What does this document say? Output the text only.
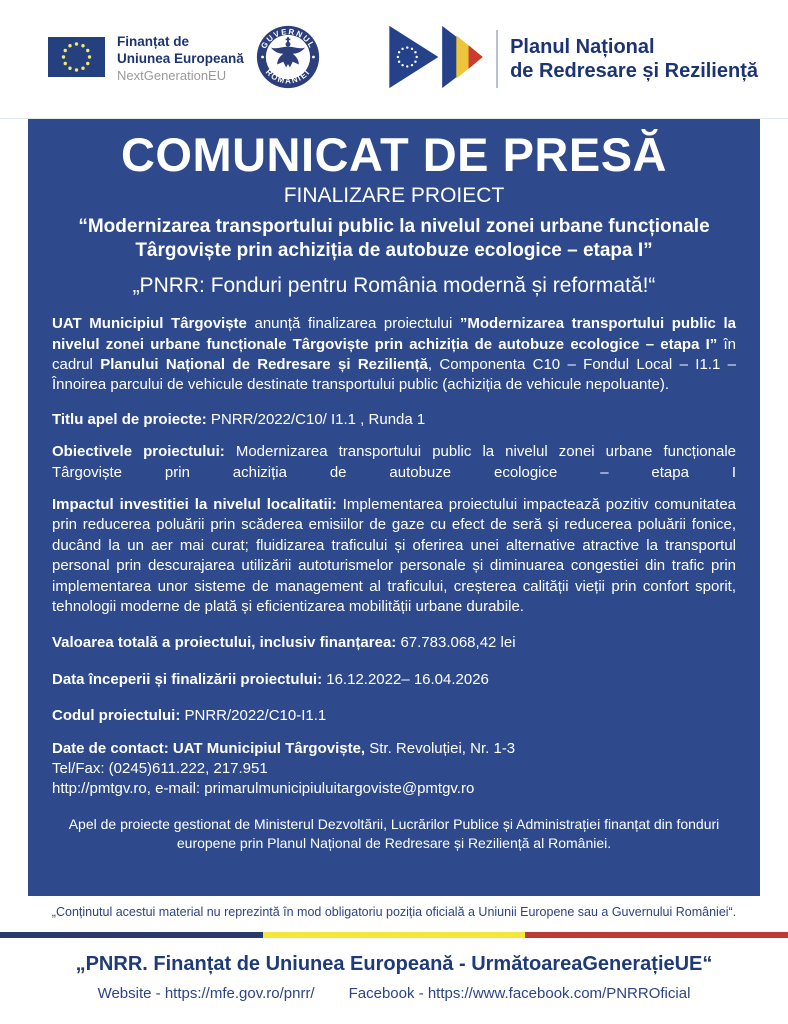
Finanțat de
Uniunea Europeană
NextGenerationEU
GUVERNUL
ROMÂNIEI
Planul Național
de Redresare și Reziliență
COMUNICAT DE PRESĂ
FINALIZARE PROIECT
“Modernizarea transportului public la nivelul zonei urbane funcționale Târgoviște prin achiziția de autobuze ecologice – etapa I”
„PNRR: Fonduri pentru România modernă și reformată!“

UAT Municipiul Târgoviște anunță finalizarea proiectului ”Modernizarea transportului public la nivelul zonei urbane funcționale Târgoviște prin achiziția de autobuze ecologice – etapa I” în cadrul Planului Național de Redresare și Reziliență, Componenta C10 – Fondul Local – I1.1 – Înnoirea parcului de vehicule destinate transportului public (achiziția de vehicule nepoluante).

Titlu apel de proiecte: PNRR/2022/C10/ I1.1 , Runda 1

Obiectivele proiectului: Modernizarea transportului public la nivelul zonei urbane funcționale Târgoviște prin achiziția de autobuze ecologice – etapa I

Impactul investitiei la nivelul localitatii: Implementarea proiectului impactează pozitiv comunitatea prin reducerea poluării prin scăderea emisiilor de gaze cu efect de seră și reducerea poluării fonice, ducând la un aer mai curat; fluidizarea traficului și oferirea unei alternative atractive la transportul personal prin descurajarea utilizării autoturismelor personale și diminuarea congestiei din trafic prin implementarea unor sisteme de management al traficului, creșterea calității vieții prin confort sporit, tehnologii moderne de plată și eficientizarea mobilității urbane durabile.

Valoarea totală a proiectului, inclusiv finanțarea: 67.783.068,42 lei

Data începerii și finalizării proiectului: 16.12.2022– 16.04.2026

Codul proiectului: PNRR/2022/C10-I1.1

Date de contact: UAT Municipiul Târgoviște, Str. Revoluției, Nr. 1-3
Tel/Fax: (0245)611.222, 217.951
http://pmtgv.ro, e-mail: primarulmunicipiuluitargoviste@pmtgv.ro

Apel de proiecte gestionat de Ministerul Dezvoltării, Lucrărilor Publice și Administrației finanțat din fonduri europene prin Planul Național de Redresare și Reziliență al României.

„Conținutul acestui material nu reprezintă în mod obligatoriu poziția oficială a Uniunii Europene sau a Guvernului României“.
„PNRR. Finanțat de Uniunea Europeană - UrmătoareaGenerațieUE“
Website - https://mfe.gov.ro/pnrr/ Facebook - https://www.facebook.com/PNRROficial
